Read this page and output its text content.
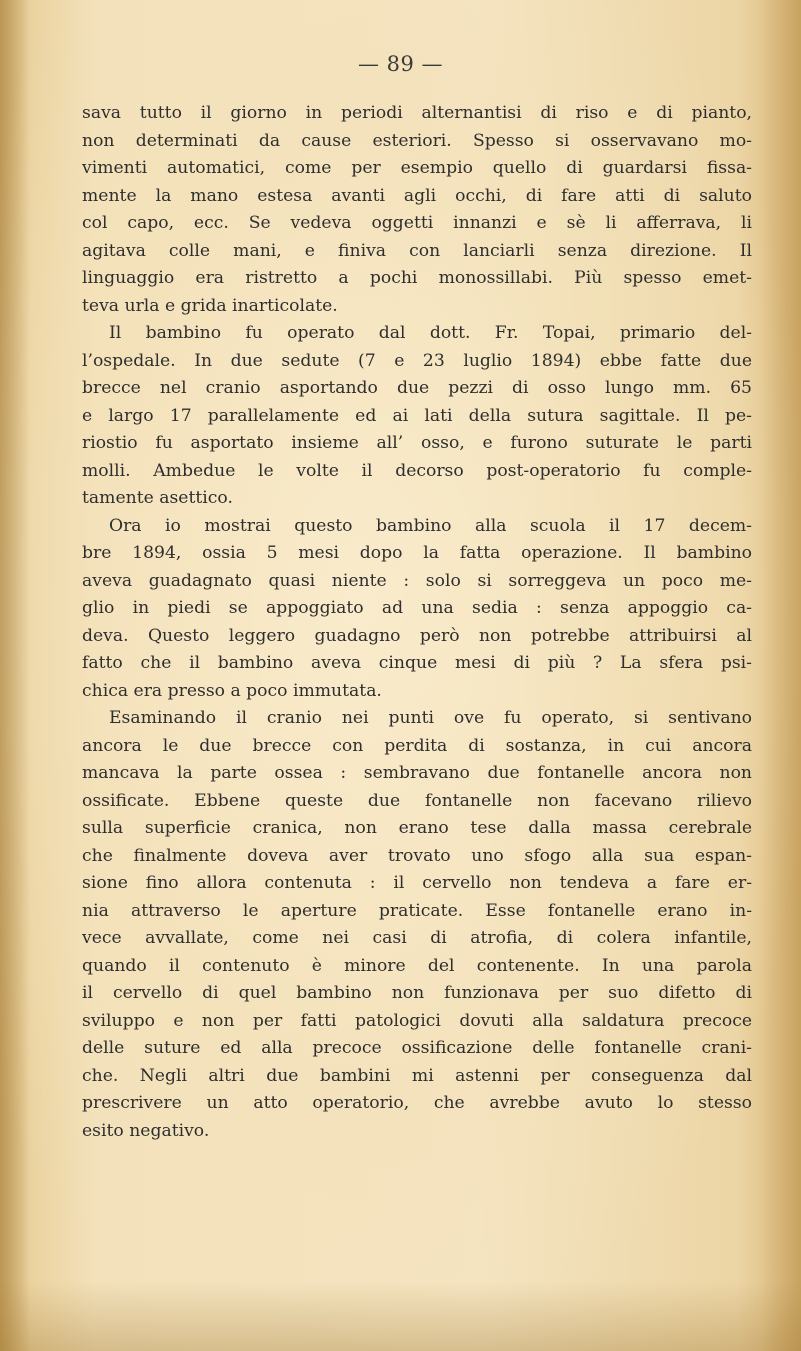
— 89 —
sava tutto il giorno in periodi alternantisi di riso e di pianto,
non determinati da cause esteriori. Spesso si osservavano mo-
vimenti automatici, come per esempio quello di guardarsi fissa-
mente la mano estesa avanti agli occhi, di fare atti di saluto
col capo, ecc. Se vedeva oggetti innanzi e sè li afferrava, li
agitava colle mani, e finiva con lanciarli senza direzione. Il
linguaggio era ristretto a pochi monossillabi. Più spesso emet-
teva urla e grida inarticolate.
Il bambino fu operato dal dott. Fr. Topai, primario del-
l’ospedale. In due sedute (7 e 23 luglio 1894) ebbe fatte due
brecce nel cranio asportando due pezzi di osso lungo mm. 65
e largo 17 parallelamente ed ai lati della sutura sagittale. Il pe-
riostio fu asportato insieme all’ osso, e furono suturate le parti
molli. Ambedue le volte il decorso post-operatorio fu comple-
tamente asettico.
Ora io mostrai questo bambino alla scuola il 17 decem-
bre 1894, ossia 5 mesi dopo la fatta operazione. Il bambino
aveva guadagnato quasi niente : solo si sorreggeva un poco me-
glio in piedi se appoggiato ad una sedia : senza appoggio ca-
deva. Questo leggero guadagno però non potrebbe attribuirsi al
fatto che il bambino aveva cinque mesi di più ? La sfera psi-
chica era presso a poco immutata.
Esaminando il cranio nei punti ove fu operato, si sentivano
ancora le due brecce con perdita di sostanza, in cui ancora
mancava la parte ossea : sembravano due fontanelle ancora non
ossificate. Ebbene queste due fontanelle non facevano rilievo
sulla superficie cranica, non erano tese dalla massa cerebrale
che finalmente doveva aver trovato uno sfogo alla sua espan-
sione fino allora contenuta : il cervello non tendeva a fare er-
nia attraverso le aperture praticate. Esse fontanelle erano in-
vece avvallate, come nei casi di atrofia, di colera infantile,
quando il contenuto è minore del contenente. In una parola
il cervello di quel bambino non funzionava per suo difetto di
sviluppo e non per fatti patologici dovuti alla saldatura precoce
delle suture ed alla precoce ossificazione delle fontanelle crani-
che. Negli altri due bambini mi astenni per conseguenza dal
prescrivere un atto operatorio, che avrebbe avuto lo stesso
esito negativo.
